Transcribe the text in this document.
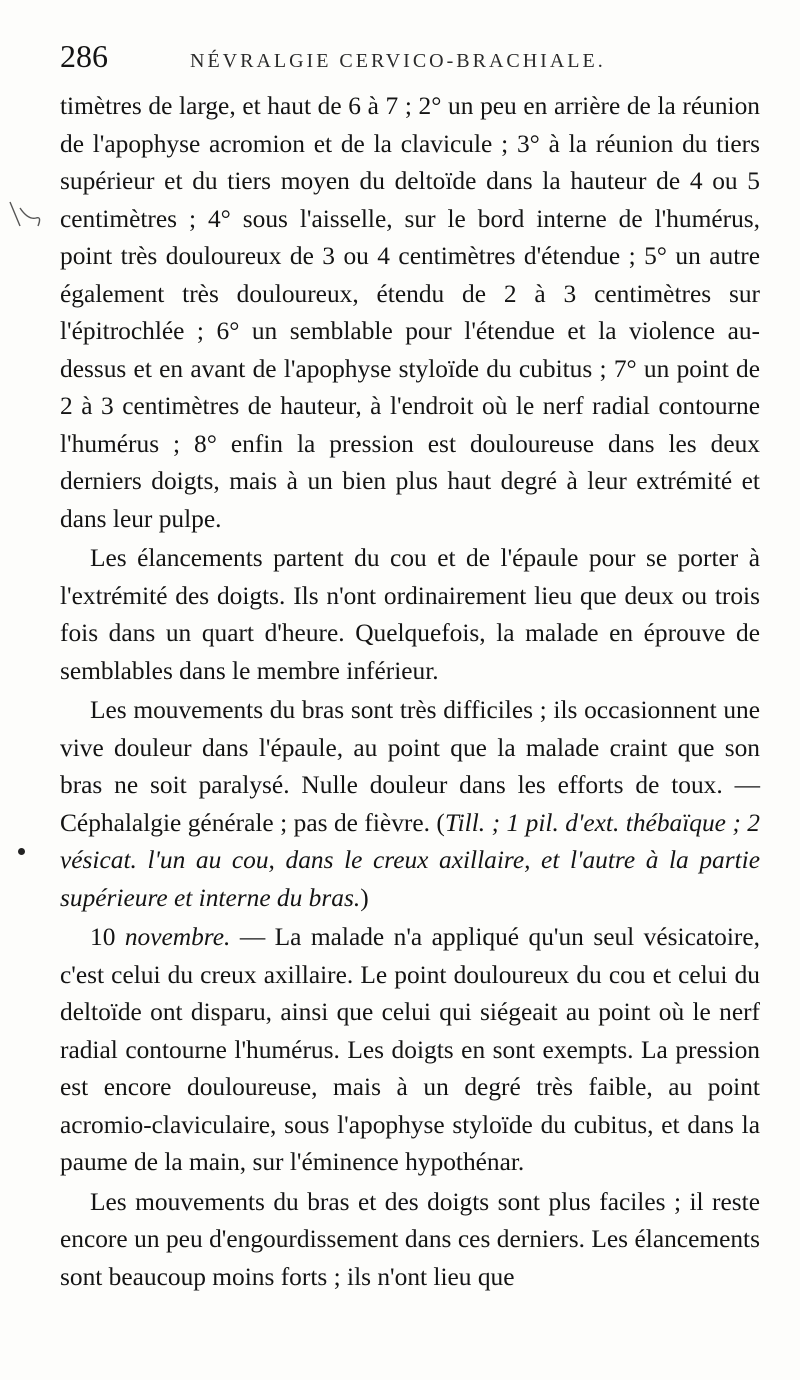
286	NÉVRALGIE CERVICO-BRACHIALE.

timètres de large, et haut de 6 à 7 ; 2° un peu en arrière de la réunion de l'apophyse acromion et de la clavicule ; 3° à la réunion du tiers supérieur et du tiers moyen du deltoïde dans la hauteur de 4 ou 5 centimètres ; 4° sous l'aisselle, sur le bord interne de l'humérus, point très douloureux de 3 ou 4 centimètres d'étendue ; 5° un autre également très douloureux, étendu de 2 à 3 centimètres sur l'épitrochlée ; 6° un semblable pour l'étendue et la violence au-dessus et en avant de l'apophyse styloïde du cubitus ; 7° un point de 2 à 3 centimètres de hauteur, à l'endroit où le nerf radial contourne l'humérus ; 8° enfin la pression est douloureuse dans les deux derniers doigts, mais à un bien plus haut degré à leur extrémité et dans leur pulpe.

Les élancements partent du cou et de l'épaule pour se porter à l'extrémité des doigts. Ils n'ont ordinairement lieu que deux ou trois fois dans un quart d'heure. Quelquefois, la malade en éprouve de semblables dans le membre inférieur.

Les mouvements du bras sont très difficiles ; ils occasionnent une vive douleur dans l'épaule, au point que la malade craint que son bras ne soit paralysé. Nulle douleur dans les efforts de toux. — Céphalalgie générale ; pas de fièvre. (Till. ; 1 pil. d'ext. thébaïque ; 2 vésicat. l'un au cou, dans le creux axillaire, et l'autre à la partie supérieure et interne du bras.)

10 novembre. — La malade n'a appliqué qu'un seul vésicatoire, c'est celui du creux axillaire. Le point douloureux du cou et celui du deltoïde ont disparu, ainsi que celui qui siégeait au point où le nerf radial contourne l'humérus. Les doigts en sont exempts. La pression est encore douloureuse, mais à un degré très faible, au point acromio-claviculaire, sous l'apophyse styloïde du cubitus, et dans la paume de la main, sur l'éminence hypothénar.

Les mouvements du bras et des doigts sont plus faciles ; il reste encore un peu d'engourdissement dans ces derniers. Les élancements sont beaucoup moins forts ; ils n'ont lieu que
